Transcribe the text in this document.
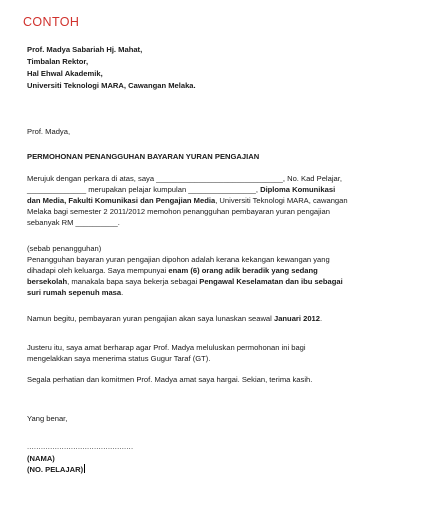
CONTOH
Prof. Madya Sabariah Hj. Mahat,
Timbalan Rektor,
Hal Ehwal Akademik,
Universiti Teknologi MARA, Cawangan Melaka.
Prof. Madya,
PERMOHONAN PENANGGUHAN BAYARAN YURAN PENGAJIAN
Merujuk dengan perkara di atas, saya ______________________________, No. Kad Pelajar,
______________ merupakan pelajar kumpulan ________________, Diploma Komunikasi
dan Media, Fakulti Komunikasi dan Pengajian Media, Universiti Teknologi MARA, cawangan
Melaka bagi semester 2 2011/2012 memohon penangguhan pembayaran yuran pengajian
sebanyak RM __________.
(sebab penangguhan)
Penangguhan bayaran yuran pengajian dipohon adalah kerana kekangan kewangan yang
dihadapi oleh keluarga. Saya mempunyai enam (6) orang adik beradik yang sedang
bersekolah, manakala bapa saya bekerja sebagai Pengawal Keselamatan dan ibu sebagai
suri rumah sepenuh masa.
Namun begitu, pembayaran yuran pengajian akan saya lunaskan seawal Januari 2012.
Justeru itu, saya amat berharap agar Prof. Madya meluluskan permohonan ini bagi
mengelakkan saya menerima status Gugur Taraf (GT).
Segala perhatian dan komitmen Prof. Madya amat saya hargai. Sekian, terima kasih.
Yang benar,
..............................................
(NAMA)
(NO. PELAJAR)
